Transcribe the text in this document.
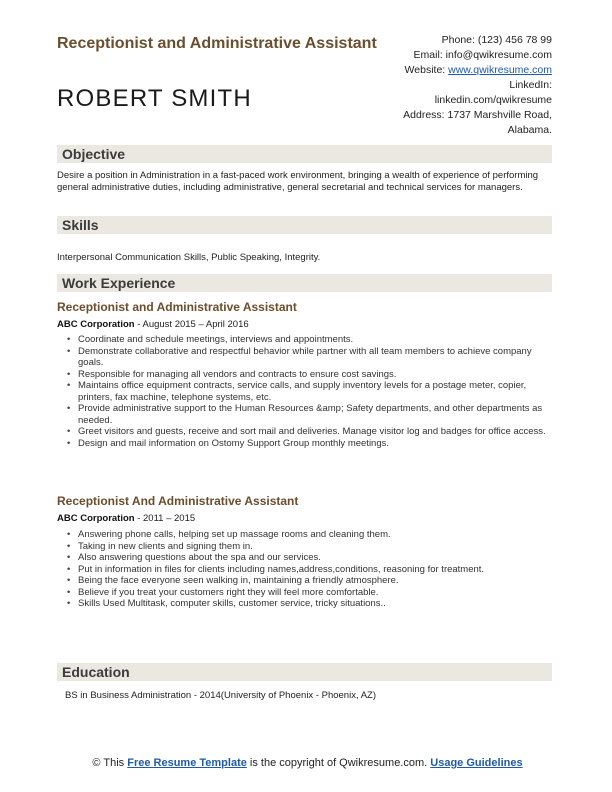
Receptionist and Administrative Assistant
ROBERT SMITH
Phone: (123) 456 78 99
Email: info@qwikresume.com
Website: www.qwikresume.com
LinkedIn:
linkedin.com/qwikresume
Address: 1737 Marshville Road, Alabama.
Objective
Desire a position in Administration in a fast-paced work environment, bringing a wealth of experience of performing general administrative duties, including administrative, general secretarial and technical services for managers.
Skills
Interpersonal Communication Skills, Public Speaking, Integrity.
Work Experience
Receptionist and Administrative Assistant
ABC Corporation - August 2015 – April 2016
• Coordinate and schedule meetings, interviews and appointments.
• Demonstrate collaborative and respectful behavior while partner with all team members to achieve company goals.
• Responsible for managing all vendors and contracts to ensure cost savings.
• Maintains office equipment contracts, service calls, and supply inventory levels for a postage meter, copier, printers, fax machine, telephone systems, etc.
• Provide administrative support to the Human Resources &amp; Safety departments, and other departments as needed.
• Greet visitors and guests, receive and sort mail and deliveries. Manage visitor log and badges for office access.
• Design and mail information on Ostomy Support Group monthly meetings.
Receptionist And Administrative Assistant
ABC Corporation - 2011 – 2015
• Answering phone calls, helping set up massage rooms and cleaning them.
• Taking in new clients and signing them in.
• Also answering questions about the spa and our services.
• Put in information in files for clients including names,address,conditions, reasoning for treatment.
• Being the face everyone seen walking in, maintaining a friendly atmosphere.
• Believe if you treat your customers right they will feel more comfortable.
• Skills Used Multitask, computer skills, customer service, tricky situations..
Education
BS in Business Administration - 2014(University of Phoenix - Phoenix, AZ)
© This Free Resume Template is the copyright of Qwikresume.com. Usage Guidelines
